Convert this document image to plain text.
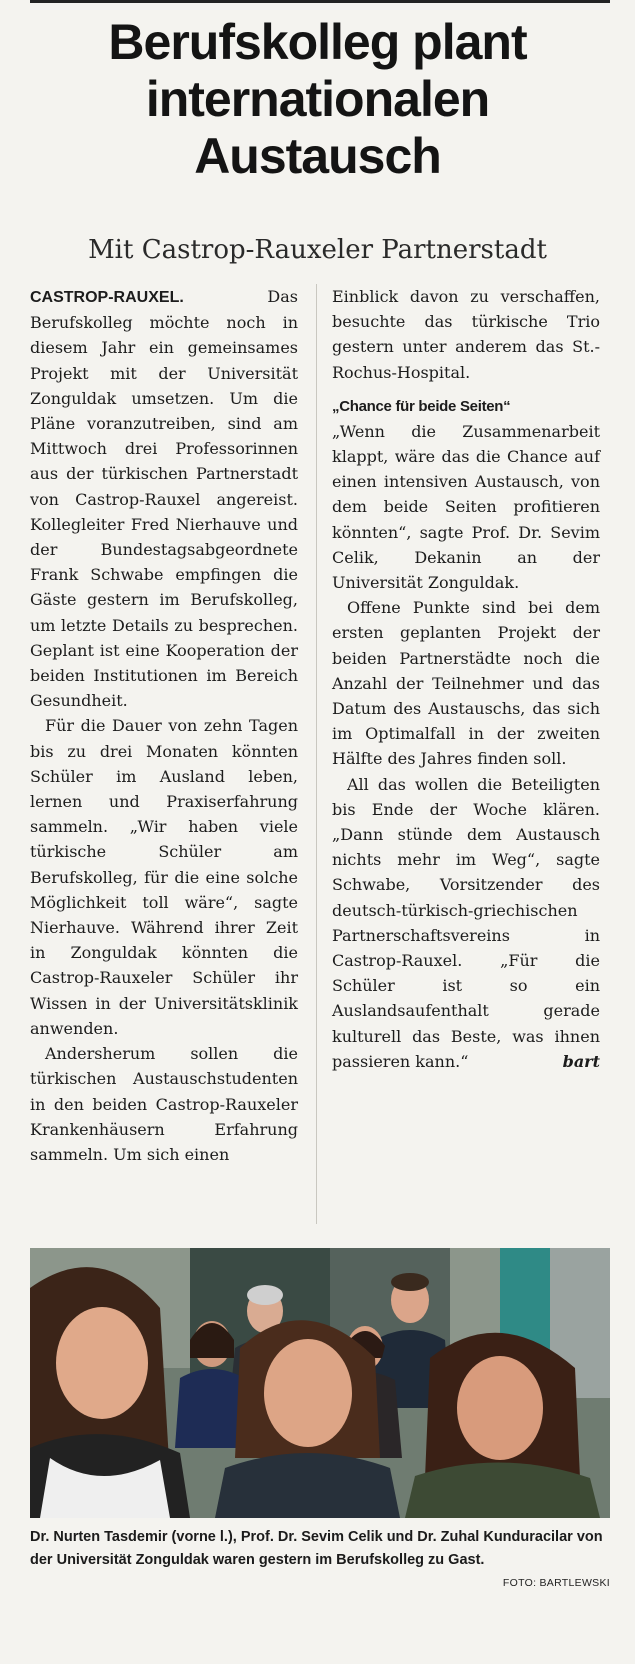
Berufskolleg plant internationalen Austausch
Mit Castrop-Rauxeler Partnerstadt

CASTROP-RAUXEL. Das Berufskolleg möchte noch in diesem Jahr ein gemeinsames Projekt mit der Universität Zonguldak umsetzen. Um die Pläne voranzutreiben, sind am Mittwoch drei Professorinnen aus der türkischen Partnerstadt von Castrop-Rauxel angereist. Kollegleiter Fred Nierhauve und der Bundestagsabgeordnete Frank Schwabe empfingen die Gäste gestern im Berufskolleg, um letzte Details zu besprechen. Geplant ist eine Kooperation der beiden Institutionen im Bereich Gesundheit.

Für die Dauer von zehn Tagen bis zu drei Monaten könnten Schüler im Ausland leben, lernen und Praxiserfahrung sammeln. „Wir haben viele türkische Schüler am Berufskolleg, für die eine solche Möglichkeit toll wäre“, sagte Nierhauve. Während ihrer Zeit in Zonguldak könnten die Castrop-Rauxeler Schüler ihr Wissen in der Universitätsklinik anwenden.

Andersherum sollen die türkischen Austauschstudenten in den beiden Castrop-Rauxeler Krankenhäusern Erfahrung sammeln. Um sich einen

Einblick davon zu verschaffen, besuchte das türkische Trio gestern unter anderem das St.-Rochus-Hospital.

„Chance für beide Seiten“

„Wenn die Zusammenarbeit klappt, wäre das die Chance auf einen intensiven Austausch, von dem beide Seiten profitieren könnten“, sagte Prof. Dr. Sevim Celik, Dekanin an der Universität Zonguldak.

Offene Punkte sind bei dem ersten geplanten Projekt der beiden Partnerstädte noch die Anzahl der Teilnehmer und das Datum des Austauschs, das sich im Optimalfall in der zweiten Hälfte des Jahres finden soll.

All das wollen die Beteiligten bis Ende der Woche klären. „Dann stünde dem Austausch nichts mehr im Weg“, sagte Schwabe, Vorsitzender des deutsch-türkisch-griechischen Partnerschaftsvereins in Castrop-Rauxel. „Für die Schüler ist so ein Auslandsaufenthalt gerade kulturell das Beste, was ihnen passieren kann.“	bart

Dr. Nurten Tasdemir (vorne l.), Prof. Dr. Sevim Celik und Dr. Zuhal Kunduracilar von der Universität Zonguldak waren gestern im Berufskolleg zu Gast.
FOTO: BARTLEWSKI
